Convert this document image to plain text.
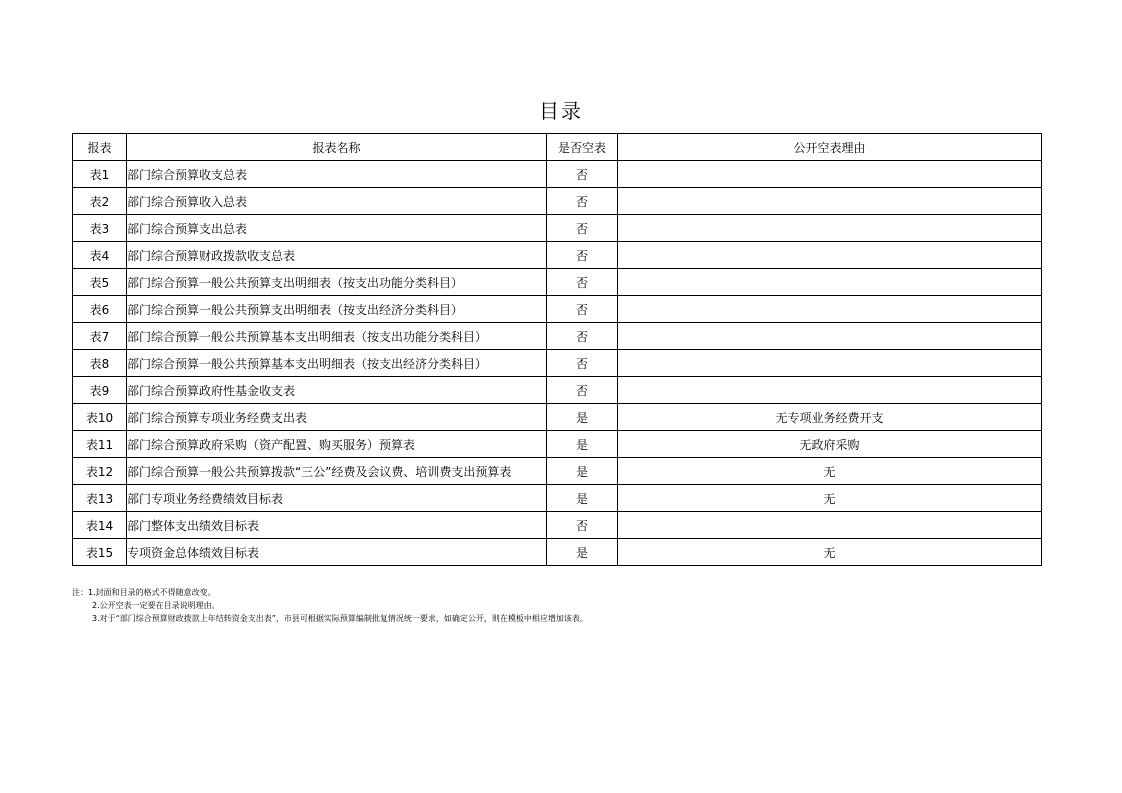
目录
报表	报表名称	是否空表	公开空表理由
表1	部门综合预算收支总表	否	
表2	部门综合预算收入总表	否	
表3	部门综合预算支出总表	否	
表4	部门综合预算财政拨款收支总表	否	
表5	部门综合预算一般公共预算支出明细表（按支出功能分类科目）	否	
表6	部门综合预算一般公共预算支出明细表（按支出经济分类科目）	否	
表7	部门综合预算一般公共预算基本支出明细表（按支出功能分类科目）	否	
表8	部门综合预算一般公共预算基本支出明细表（按支出经济分类科目）	否	
表9	部门综合预算政府性基金收支表	否	
表10	部门综合预算专项业务经费支出表	是	无专项业务经费开支
表11	部门综合预算政府采购（资产配置、购买服务）预算表	是	无政府采购
表12	部门综合预算一般公共预算拨款“三公”经费及会议费、培训费支出预算表	是	无
表13	部门专项业务经费绩效目标表	是	无
表14	部门整体支出绩效目标表	否	
表15	专项资金总体绩效目标表	是	无
注：1.封面和目录的格式不得随意改变。
2.公开空表一定要在目录说明理由。
3.对于“部门综合预算财政拨款上年结转资金支出表”，市县可根据实际预算编制批复情况统一要求，如确定公开，则在模板中相应增加该表。
